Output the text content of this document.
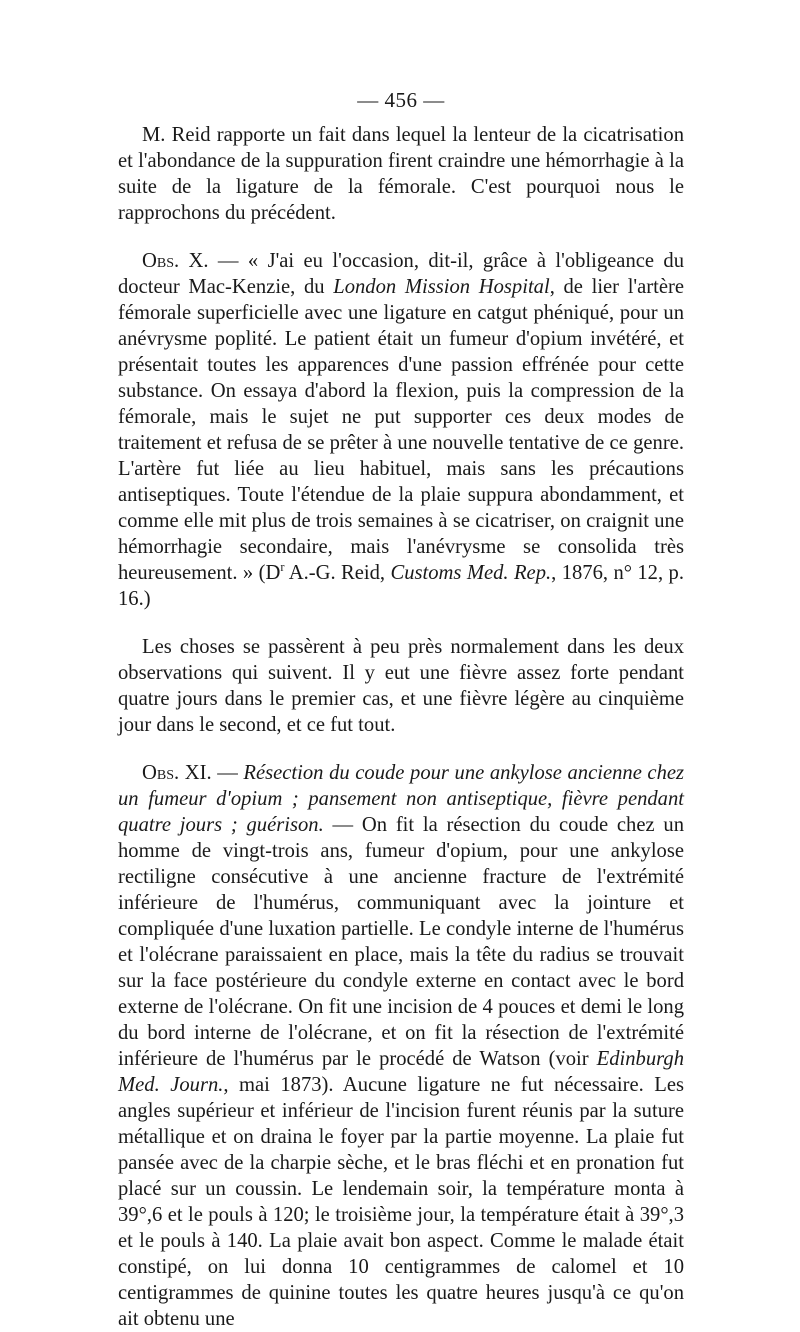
— 456 —

M. Reid rapporte un fait dans lequel la lenteur de la cicatrisation et l'abondance de la suppuration firent craindre une hémorrhagie à la suite de la ligature de la fémorale. C'est pourquoi nous le rapprochons du précédent.

Obs. X. — « J'ai eu l'occasion, dit-il, grâce à l'obligeance du docteur Mac-Kenzie, du London Mission Hospital, de lier l'artère fémorale superficielle avec une ligature en catgut phéniqué, pour un anévrysme poplité. Le patient était un fumeur d'opium invétéré, et présentait toutes les apparences d'une passion effrénée pour cette substance. On essaya d'abord la flexion, puis la compression de la fémorale, mais le sujet ne put supporter ces deux modes de traitement et refusa de se prêter à une nouvelle tentative de ce genre. L'artère fut liée au lieu habituel, mais sans les précautions antiseptiques. Toute l'étendue de la plaie suppura abondamment, et comme elle mit plus de trois semaines à se cicatriser, on craignit une hémorrhagie secondaire, mais l'anévrysme se consolida très heureusement. » ($D^r$ A.-G. Reid, Customs Med. Rep., 1876, n° 12, p. 16.)

Les choses se passèrent à peu près normalement dans les deux observations qui suivent. Il y eut une fièvre assez forte pendant quatre jours dans le premier cas, et une fièvre légère au cinquième jour dans le second, et ce fut tout.

Obs. XI. — Résection du coude pour une ankylose ancienne chez un fumeur d'opium ; pansement non antiseptique, fièvre pendant quatre jours ; guérison. — On fit la résection du coude chez un homme de vingt-trois ans, fumeur d'opium, pour une ankylose rectiligne consécutive à une ancienne fracture de l'extrémité inférieure de l'humérus, communiquant avec la jointure et compliquée d'une luxation partielle. Le condyle interne de l'humérus et l'olécrane paraissaient en place, mais la tête du radius se trouvait sur la face postérieure du condyle externe en contact avec le bord externe de l'olécrane. On fit une incision de 4 pouces et demi le long du bord interne de l'olécrane, et on fit la résection de l'extrémité inférieure de l'humérus par le procédé de Watson (voir Edinburgh Med. Journ., mai 1873). Aucune ligature ne fut nécessaire. Les angles supérieur et inférieur de l'incision furent réunis par la suture métallique et on draina le foyer par la partie moyenne. La plaie fut pansée avec de la charpie sèche, et le bras fléchi et en pronation fut placé sur un coussin. Le lendemain soir, la température monta à 39°,6 et le pouls à 120; le troisième jour, la température était à 39°,3 et le pouls à 140. La plaie avait bon aspect. Comme le malade était constipé, on lui donna 10 centigrammes de calomel et 10 centigrammes de quinine toutes les quatre heures jusqu'à ce qu'on ait obtenu une
